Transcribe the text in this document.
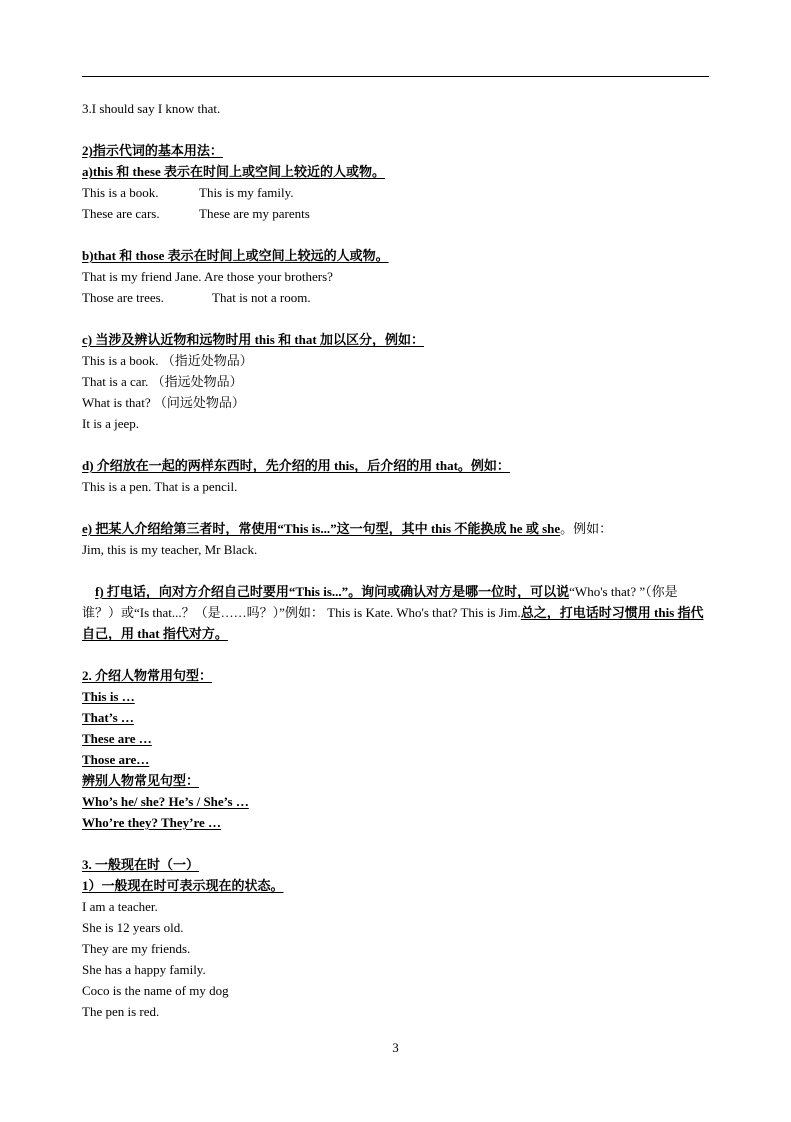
3.I should say I know that.
2)指示代词的基本用法：
a)this 和 these 表示在时间上或空间上较近的人或物。
This is a book.	This is my family.
These are cars.	These are my parents
b)that 和 those 表示在时间上或空间上较远的人或物。
That is my friend Jane. Are those your brothers?
Those are trees.	That is not a room.
c) 当涉及辨认近物和远物时用 this 和 that 加以区分，例如：
This is a book. （指近处物品）
That is a car. （指远处物品）
What is that? （问远处物品）
It is a jeep.
d) 介绍放在一起的两样东西时，先介绍的用 this，后介绍的用 that。例如：
This is a pen. That is a pencil.
e) 把某人介绍给第三者时，常使用“This is...”这一句型，其中 this 不能换成 he 或 she。例如：
Jim, this is my teacher, Mr Black.
f) 打电话，向对方介绍自己时要用“This is...”。询问或确认对方是哪一位时，可以说“Who's that? ”（你是谁？）或“Is that...？（是……吗？）”例如： This is Kate. Who's that? This is Jim.总之，打电话时习惯用 this 指代自己，用 that 指代对方。
2. 介绍人物常用句型：
This is …
That’s …
These are …
Those are…
辨别人物常见句型：
Who’s he/ she? He’s / She’s …
Who’re they? They’re …
3. 一般现在时（一）
1）一般现在时可表示现在的状态。
I am a teacher.
She is 12 years old.
They are my friends.
She has a happy family.
Coco is the name of my dog
The pen is red.
3
